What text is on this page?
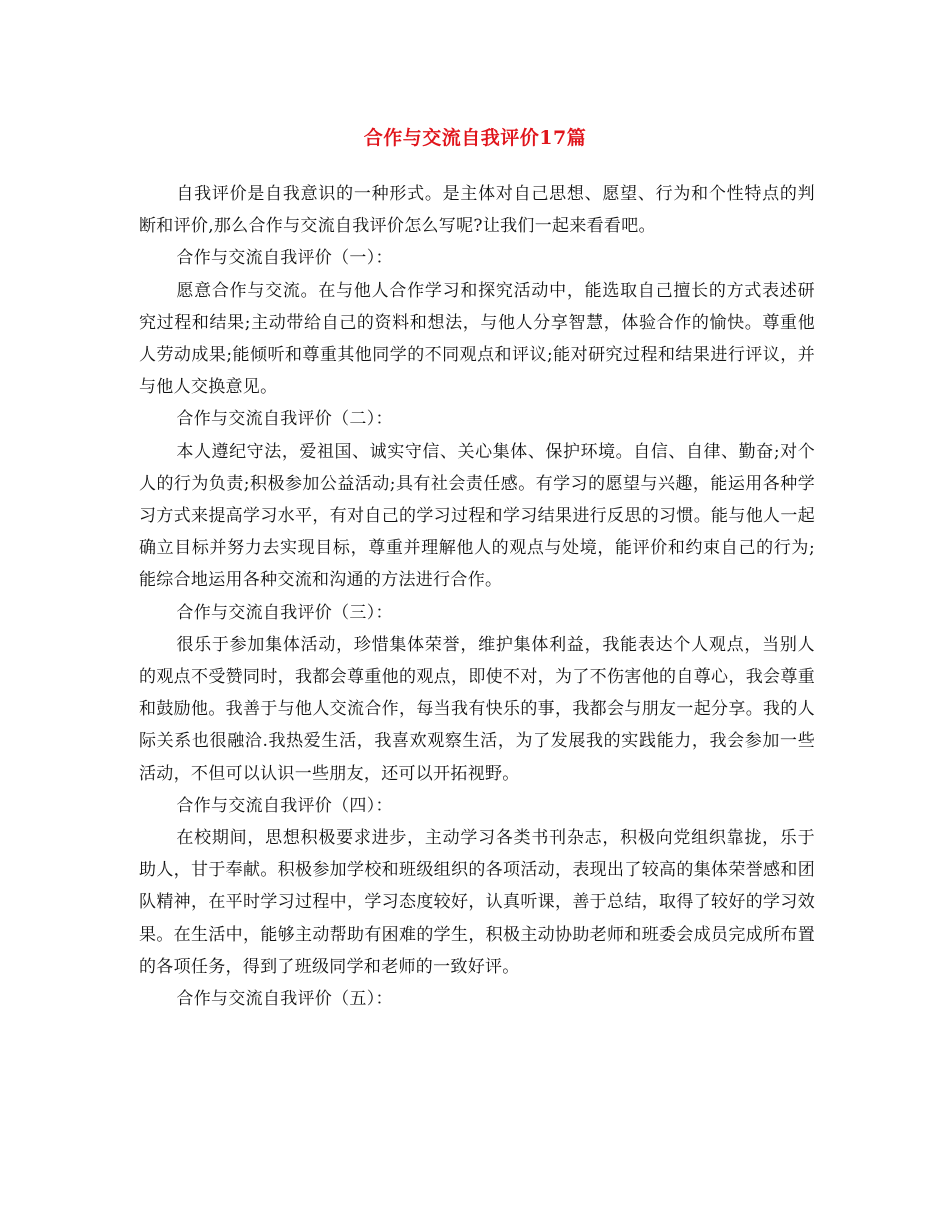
合作与交流自我评价17篇

自我评价是自我意识的一种形式。是主体对自己思想、愿望、行为和个性特点的判断和评价,那么合作与交流自我评价怎么写呢?让我们一起来看看吧。

合作与交流自我评价（一）：

愿意合作与交流。在与他人合作学习和探究活动中，能选取自己擅长的方式表述研究过程和结果;主动带给自己的资料和想法，与他人分享智慧，体验合作的愉快。尊重他人劳动成果;能倾听和尊重其他同学的不同观点和评议;能对研究过程和结果进行评议，并与他人交换意见。

合作与交流自我评价（二）：

本人遵纪守法，爱祖国、诚实守信、关心集体、保护环境。自信、自律、勤奋;对个人的行为负责;积极参加公益活动;具有社会责任感。有学习的愿望与兴趣，能运用各种学习方式来提高学习水平，有对自己的学习过程和学习结果进行反思的习惯。能与他人一起确立目标并努力去实现目标，尊重并理解他人的观点与处境，能评价和约束自己的行为;能综合地运用各种交流和沟通的方法进行合作。

合作与交流自我评价（三）：

很乐于参加集体活动，珍惜集体荣誉，维护集体利益，我能表达个人观点，当别人的观点不受赞同时，我都会尊重他的观点，即使不对，为了不伤害他的自尊心，我会尊重和鼓励他。我善于与他人交流合作，每当我有快乐的事，我都会与朋友一起分享。我的人际关系也很融洽.我热爱生活，我喜欢观察生活，为了发展我的实践能力，我会参加一些活动，不但可以认识一些朋友，还可以开拓视野。

合作与交流自我评价（四）：

在校期间，思想积极要求进步，主动学习各类书刊杂志，积极向党组织靠拢，乐于助人，甘于奉献。积极参加学校和班级组织的各项活动，表现出了较高的集体荣誉感和团队精神，在平时学习过程中，学习态度较好，认真听课，善于总结，取得了较好的学习效果。在生活中，能够主动帮助有困难的学生，积极主动协助老师和班委会成员完成所布置的各项任务，得到了班级同学和老师的一致好评。

合作与交流自我评价（五）：
